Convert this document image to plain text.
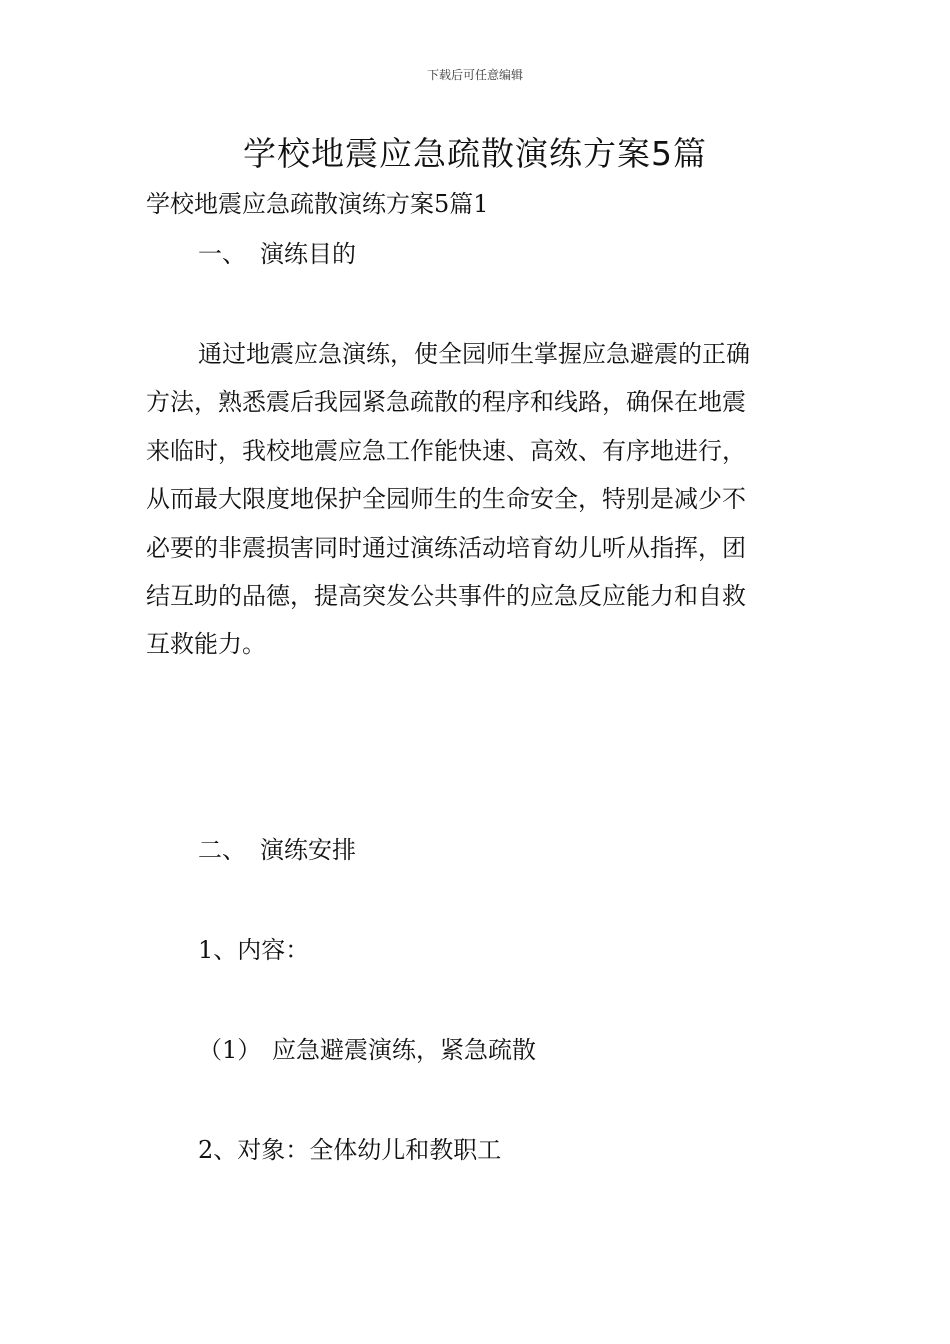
下载后可任意编辑
学校地震应急疏散演练方案5篇
学校地震应急疏散演练方案5篇1
一、 演练目的
通过地震应急演练，使全园师生掌握应急避震的正确
方法，熟悉震后我园紧急疏散的程序和线路，确保在地震
来临时，我校地震应急工作能快速、高效、有序地进行，
从而最大限度地保护全园师生的生命安全，特别是减少不
必要的非震损害同时通过演练活动培育幼儿听从指挥，团
结互助的品德，提高突发公共事件的应急反应能力和自救
互救能力。
二、 演练安排
1、内容：
（1） 应急避震演练，紧急疏散
2、对象：全体幼儿和教职工
